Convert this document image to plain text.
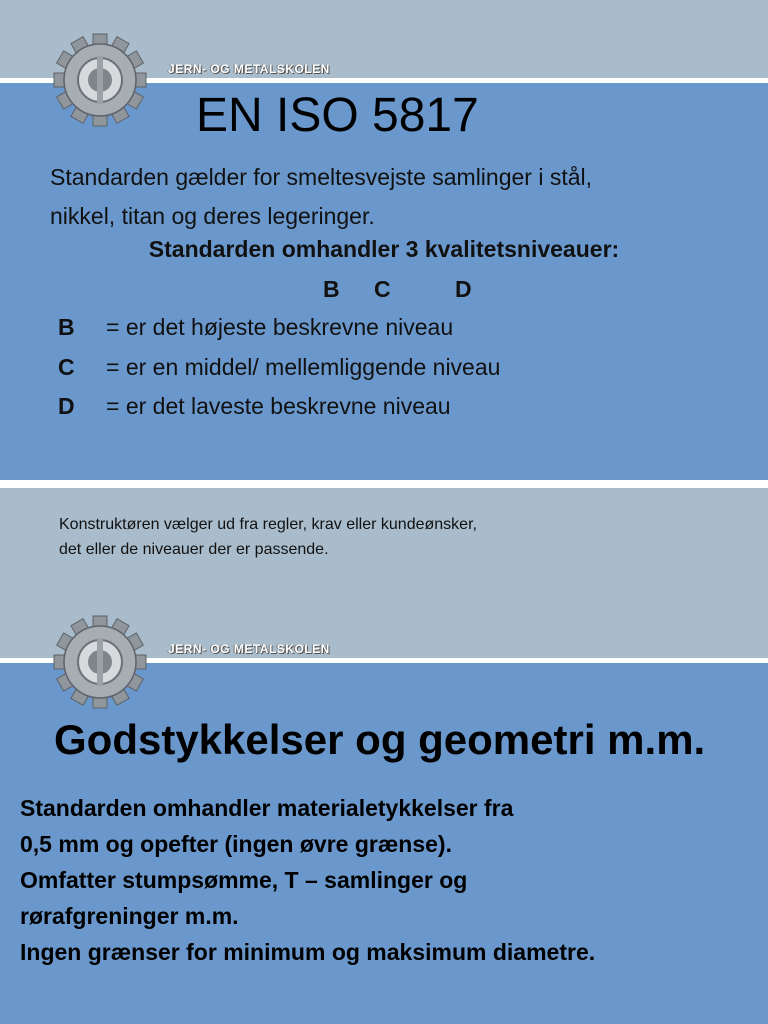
JERN- OG METALSKOLEN
EN ISO 5817
Standarden gælder for smeltesvejste samlinger i stål,
nikkel, titan og deres legeringer.
Standarden omhandler 3 kvalitetsniveauer:
B C	D
B = er det højeste beskrevne niveau
C = er en middel/ mellemliggende niveau
D = er det laveste beskrevne niveau
Konstruktøren vælger ud fra regler, krav eller kundeønsker,
det eller de niveauer der er passende.
JERN- OG METALSKOLEN
Godstykkelser og geometri m.m.
Standarden omhandler materialetykkelser fra
0,5 mm og opefter (ingen øvre grænse).
Omfatter stumpsømme, T – samlinger og
rørafgreninger m.m.
Ingen grænser for minimum og maksimum diametre.
